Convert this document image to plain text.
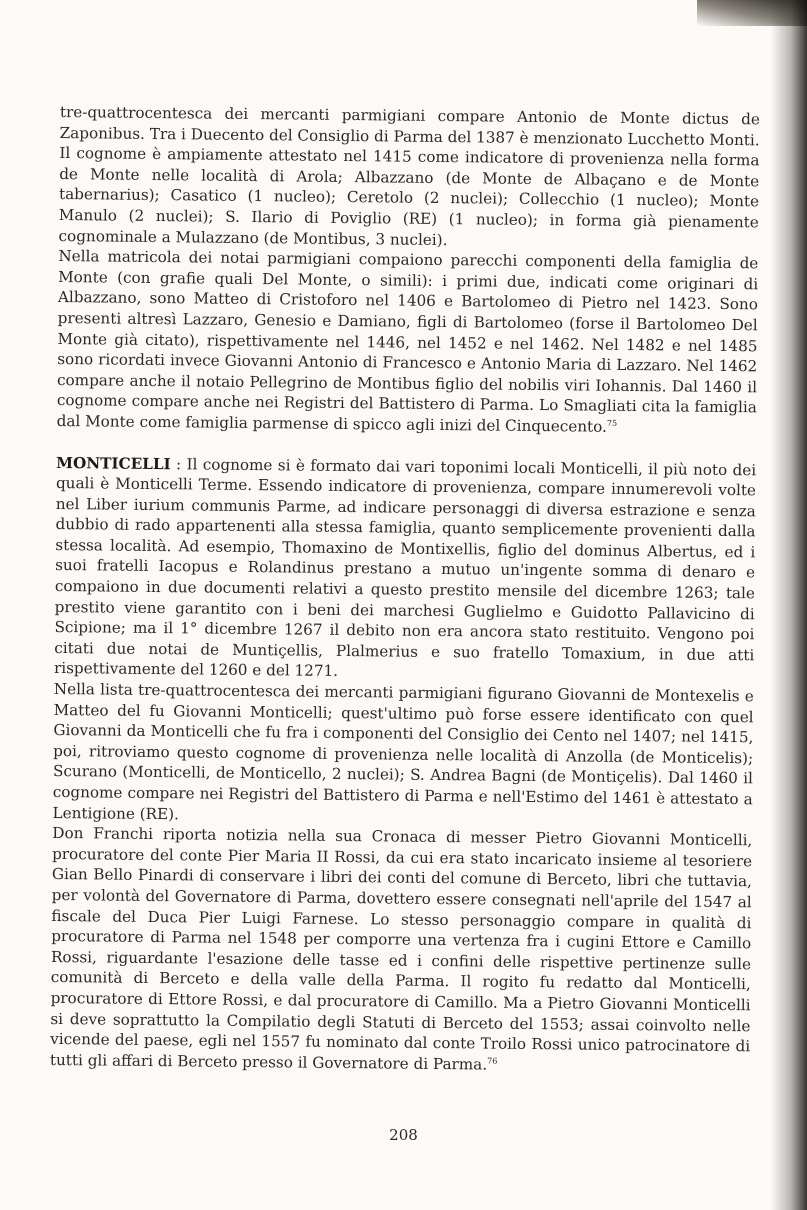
tre-quattrocentesca dei mercanti parmigiani compare Antonio de Monte dictus de Zaponibus. Tra i Duecento del Consiglio di Parma del 1387 è menzionato Lucchetto Monti. Il cognome è ampiamente attestato nel 1415 come indicatore di provenienza nella forma de Monte nelle località di Arola; Albazzano (de Monte de Albaçano e de Monte tabernarius); Casatico (1 nucleo); Ceretolo (2 nuclei); Collecchio (1 nucleo); Monte Manulo (2 nuclei); S. Ilario di Poviglio (RE) (1 nucleo); in forma già pienamente cognominale a Mulazzano (de Montibus, 3 nuclei).

Nella matricola dei notai parmigiani compaiono parecchi componenti della famiglia de Monte (con grafie quali Del Monte, o simili): i primi due, indicati come originari di Albazzano, sono Matteo di Cristoforo nel 1406 e Bartolomeo di Pietro nel 1423. Sono presenti altresì Lazzaro, Genesio e Damiano, figli di Bartolomeo (forse il Bartolomeo Del Monte già citato), rispettivamente nel 1446, nel 1452 e nel 1462. Nel 1482 e nel 1485 sono ricordati invece Giovanni Antonio di Francesco e Antonio Maria di Lazzaro. Nel 1462 compare anche il notaio Pellegrino de Montibus figlio del nobilis viri Iohannis. Dal 1460 il cognome compare anche nei Registri del Battistero di Parma. Lo Smagliati cita la famiglia dal Monte come famiglia parmense di spicco agli inizi del Cinquecento.$^{75}$

MONTICELLI : Il cognome si è formato dai vari toponimi locali Monticelli, il più noto dei quali è Monticelli Terme. Essendo indicatore di provenienza, compare innumerevoli volte nel Liber iurium communis Parme, ad indicare personaggi di diversa estrazione e senza dubbio di rado appartenenti alla stessa famiglia, quanto semplicemente provenienti dalla stessa località. Ad esempio, Thomaxino de Montixellis, figlio del dominus Albertus, ed i suoi fratelli Iacopus e Rolandinus prestano a mutuo un'ingente somma di denaro e compaiono in due documenti relativi a questo prestito mensile del dicembre 1263; tale prestito viene garantito con i beni dei marchesi Guglielmo e Guidotto Pallavicino di Scipione; ma il 1° dicembre 1267 il debito non era ancora stato restituito. Vengono poi citati due notai de Muntiçellis, Plalmerius e suo fratello Tomaxium, in due atti rispettivamente del 1260 e del 1271.

Nella lista tre-quattrocentesca dei mercanti parmigiani figurano Giovanni de Montexelis e Matteo del fu Giovanni Monticelli; quest'ultimo può forse essere identificato con quel Giovanni da Monticelli che fu fra i componenti del Consiglio dei Cento nel 1407; nel 1415, poi, ritroviamo questo cognome di provenienza nelle località di Anzolla (de Monticelis); Scurano (Monticelli, de Monticello, 2 nuclei); S. Andrea Bagni (de Montiçelis). Dal 1460 il cognome compare nei Registri del Battistero di Parma e nell'Estimo del 1461 è attestato a Lentigione (RE).

Don Franchi riporta notizia nella sua Cronaca di messer Pietro Giovanni Monticelli, procuratore del conte Pier Maria II Rossi, da cui era stato incaricato insieme al tesoriere Gian Bello Pinardi di conservare i libri dei conti del comune di Berceto, libri che tuttavia, per volontà del Governatore di Parma, dovettero essere consegnati nell'aprile del 1547 al fiscale del Duca Pier Luigi Farnese. Lo stesso personaggio compare in qualità di procuratore di Parma nel 1548 per comporre una vertenza fra i cugini Ettore e Camillo Rossi, riguardante l'esazione delle tasse ed i confini delle rispettive pertinenze sulle comunità di Berceto e della valle della Parma. Il rogito fu redatto dal Monticelli, procuratore di Ettore Rossi, e dal procuratore di Camillo. Ma a Pietro Giovanni Monticelli si deve soprattutto la Compilatio degli Statuti di Berceto del 1553; assai coinvolto nelle vicende del paese, egli nel 1557 fu nominato dal conte Troilo Rossi unico patrocinatore di tutti gli affari di Berceto presso il Governatore di Parma.$^{76}$

208
